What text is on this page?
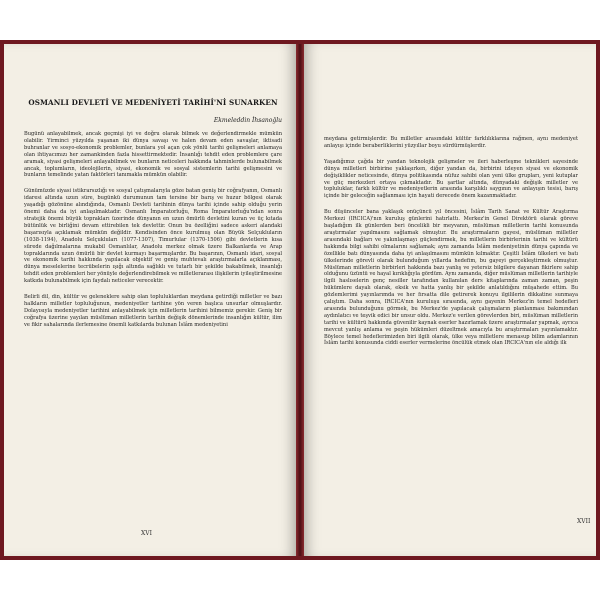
OSMANLI DEVLETİ VE MEDENİYETİ TARİHİ'Nİ SUNARKEN
Ekmeleddin İhsanoğlu

Bugünü anlayabilmek, ancak geçmişi iyi ve doğru olarak bilmek ve değerlendirmekle mümkün olabilir. Yirminci yüzyılda yaşanan iki dünya savaşı ve halen devam eden savaşlar, iktisadi buhranlar ve sosyo-ekonomik problemler, bunlara yol açan çok yönlü tarihi gelişmeleri anlamaya olan ihtiyacımızı her zamankinden fazla hissettirmektedir. İnsanlığı tehdit eden problemlere çare aramak, siyasi gelişmeleri anlayabilmek ve bunların neticeleri hakkında tahminlerde bulunabilmek ancak, toplumların, ideolojilerin, siyasi, ekonomik ve sosyal sistemlerin tarihi gelişmesini ve bunların temelinde yatan faktörleri tanımakla mümkün olabilir.

Günümüzde siyasi istikrarsızlığı ve sosyal çatışmalarıyla göze batan geniş bir coğrafyanın, Osmanlı idaresi altında uzun süre, bugünkü durumunun tam tersine bir barış ve huzur bölgesi olarak yaşadığı gözönüne alındığında, Osmanlı Devleti tarihinin dünya tarihi içinde sahip olduğu yerin önemi daha da iyi anlaşılmaktadır. Osmanlı İmparatorluğu, Roma İmparatorluğu'ndan sonra stratejik önemi büyük toprakları üzerinde dünyanın en uzun ömürlü devletini kuran ve üç kıtada bütünlük ve birliğini devam ettirebilen tek devlettir. Onun bu özelliğini sadece askeri alandaki başarısıyla açıklamak mümkün değildir. Kendisinden önce kurulmuş olan Büyük Selçukluların (1038-1194), Anadolu Selçukluları (1077-1307), Timurlular (1370-1506) gibi devletlerin kısa sürede dağılmalarına mukabil Osmanlılar, Anadolu merkez olmak üzere Balkanlarda ve Arap topraklarında uzun ömürlü bir devlet kurmayı başarmışlardır. Bu başarının, Osmanlı idari, sosyal ve ekonomik tarihi hakkında yapılacak objektif ve geniş muhtevalı araştırmalarla açıklanması, dünya meselelerine tecrübelerin ışığı altında sağlıklı ve tutarlı bir şekilde bakabilmek, insanlığı tehdit eden problemleri her yönüyle değerlendirebilmek ve milletlerarası ilişkilerin iyileştirilmesine katkıda bulunabilmek için faydalı neticeler verecektir.

Belirli dil, din, kültür ve geleneklere sahip olan topluluklardan meydana getirdiği milletler ve bazı halkların milletler topluluğunun, medeniyetler tarihine yön veren başlıca unsurlar olmuşlardır. Dolayısıyla medeniyetler tarihini anlayabilmek için milletlerin tarihini bilmemiz gerekir. Geniş bir coğrafya üzerine yayılan müslüman milletlerin tarihin değişik dönemlerinde insanlığın kültür, ilim ve fikir sahalarında ilerlemesine önemli katkılarda bulunan İslâm medeniyetini

XVI

meydana getirmişlerdir. Bu milletler arasındaki kültür farklılıklarına rağmen, aynı medeniyet anlayışı içinde beraberliklerini yüzyıllar boyu sürdürmüşlerdir.

Yaşadığımız çağda bir yandan teknolojik gelişmeler ve ileri haberleşme teknikleri sayesinde dünya milletleri birbirine yaklaşırken, diğer yandan da, birbirini izleyen siyasi ve ekonomik değişiklikler neticesinde, dünya politikasında nüfuz sahibi olan yeni ülke grupları, yeni kutuplar ve güç merkezleri ortaya çıkmaktadır. Bu şartlar altında, dünyadaki değişik milletler ve topluluklar, farklı kültür ve medeniyetlerin arasında karşılıklı saygının ve anlayışın tesisi, barış içinde bir geleceğin sağlanması için hayati derecede önem kazanmaktadır.

Bu düşünceler bana yaklaşık onüçüncü yıl öncesini, İslâm Tarih Sanat ve Kültür Araştırma Merkezi (IRCICA)'nın kuruluş günlerini hatırlattı. Merkez'in Genel Direktörü olarak göreve başladığım ilk günlerden beri öncelikli bir meyvanın, müslüman milletlerin tarihi konusunda araştırmalar yapılmasını sağlamak olmuştur. Bu araştırmaların gayesi, müslüman milletler arasındaki bağları ve yakınlaşmayı güçlendirmek, bu milletlerin birbirlerinin tarihi ve kültürü hakkında bilgi sahibi olmalarını sağlamak; aynı zamanda İslâm medeniyetinin dünya çapında ve özellikle batı dünyasında daha iyi anlaşılmasını mümkün kılmaktır. Çeşitli İslâm ülkeleri ve batı ülkelerinde görevli olarak bulunduğum yıllarda hedefim, bu gayeyi gerçekleştirmek olmuştur. Müslüman milletlerin birbirleri hakkında bazı yanlış ve yetersiz bilgilere dayanan fikirlere sahip olduğunu üzüntü ve hayal kırıklığıyla gördüm. Aynı zamanda, diğer müslüman milletlerin tarihiyle ilgili haslıselerin genç nesiller tarafından kullanılan ders kitaplarında zaman zaman, peşin hükümlere dayalı olarak, eksik ve hatta yanlış bir şekilde anlatıldığını müşahede ettim. Bu gözlemlerimi yayınlarımda ve her fırsatta dile getirerek konuyu ilgililerin dikkatine sunmaya çalıştım. Daha sonra, IRCICA'nın kuruluşu sırasında, aynı gayenin Merkez'in temel hedefleri arasında bulunduğunu görmek, bu Merkez'de yapılacak çalışmaların planlanması bakımından aydınlatıcı ve teşvik edici bir unsur oldu. Merkez'e verilen görevlerden biri, müslüman milletlerin tarihi ve kültürü hakkında güvenilir kaynak eserler hazırlamak üzere araştırmalar yapmak, ayrıca mevcut yanlış anlama ve peşin hükümleri düzeltmek amacıyla bu araştırmaları yayınlamaktır. Böylece temel hedeflerimizden biri ilgili olarak, ülke veya milletlere menasup bilim adamlarının İslâm tarihi konusunda ciddi eserler vermelerine öncülük etmek olan IRCICA'nın ele aldığı ilk

XVII
